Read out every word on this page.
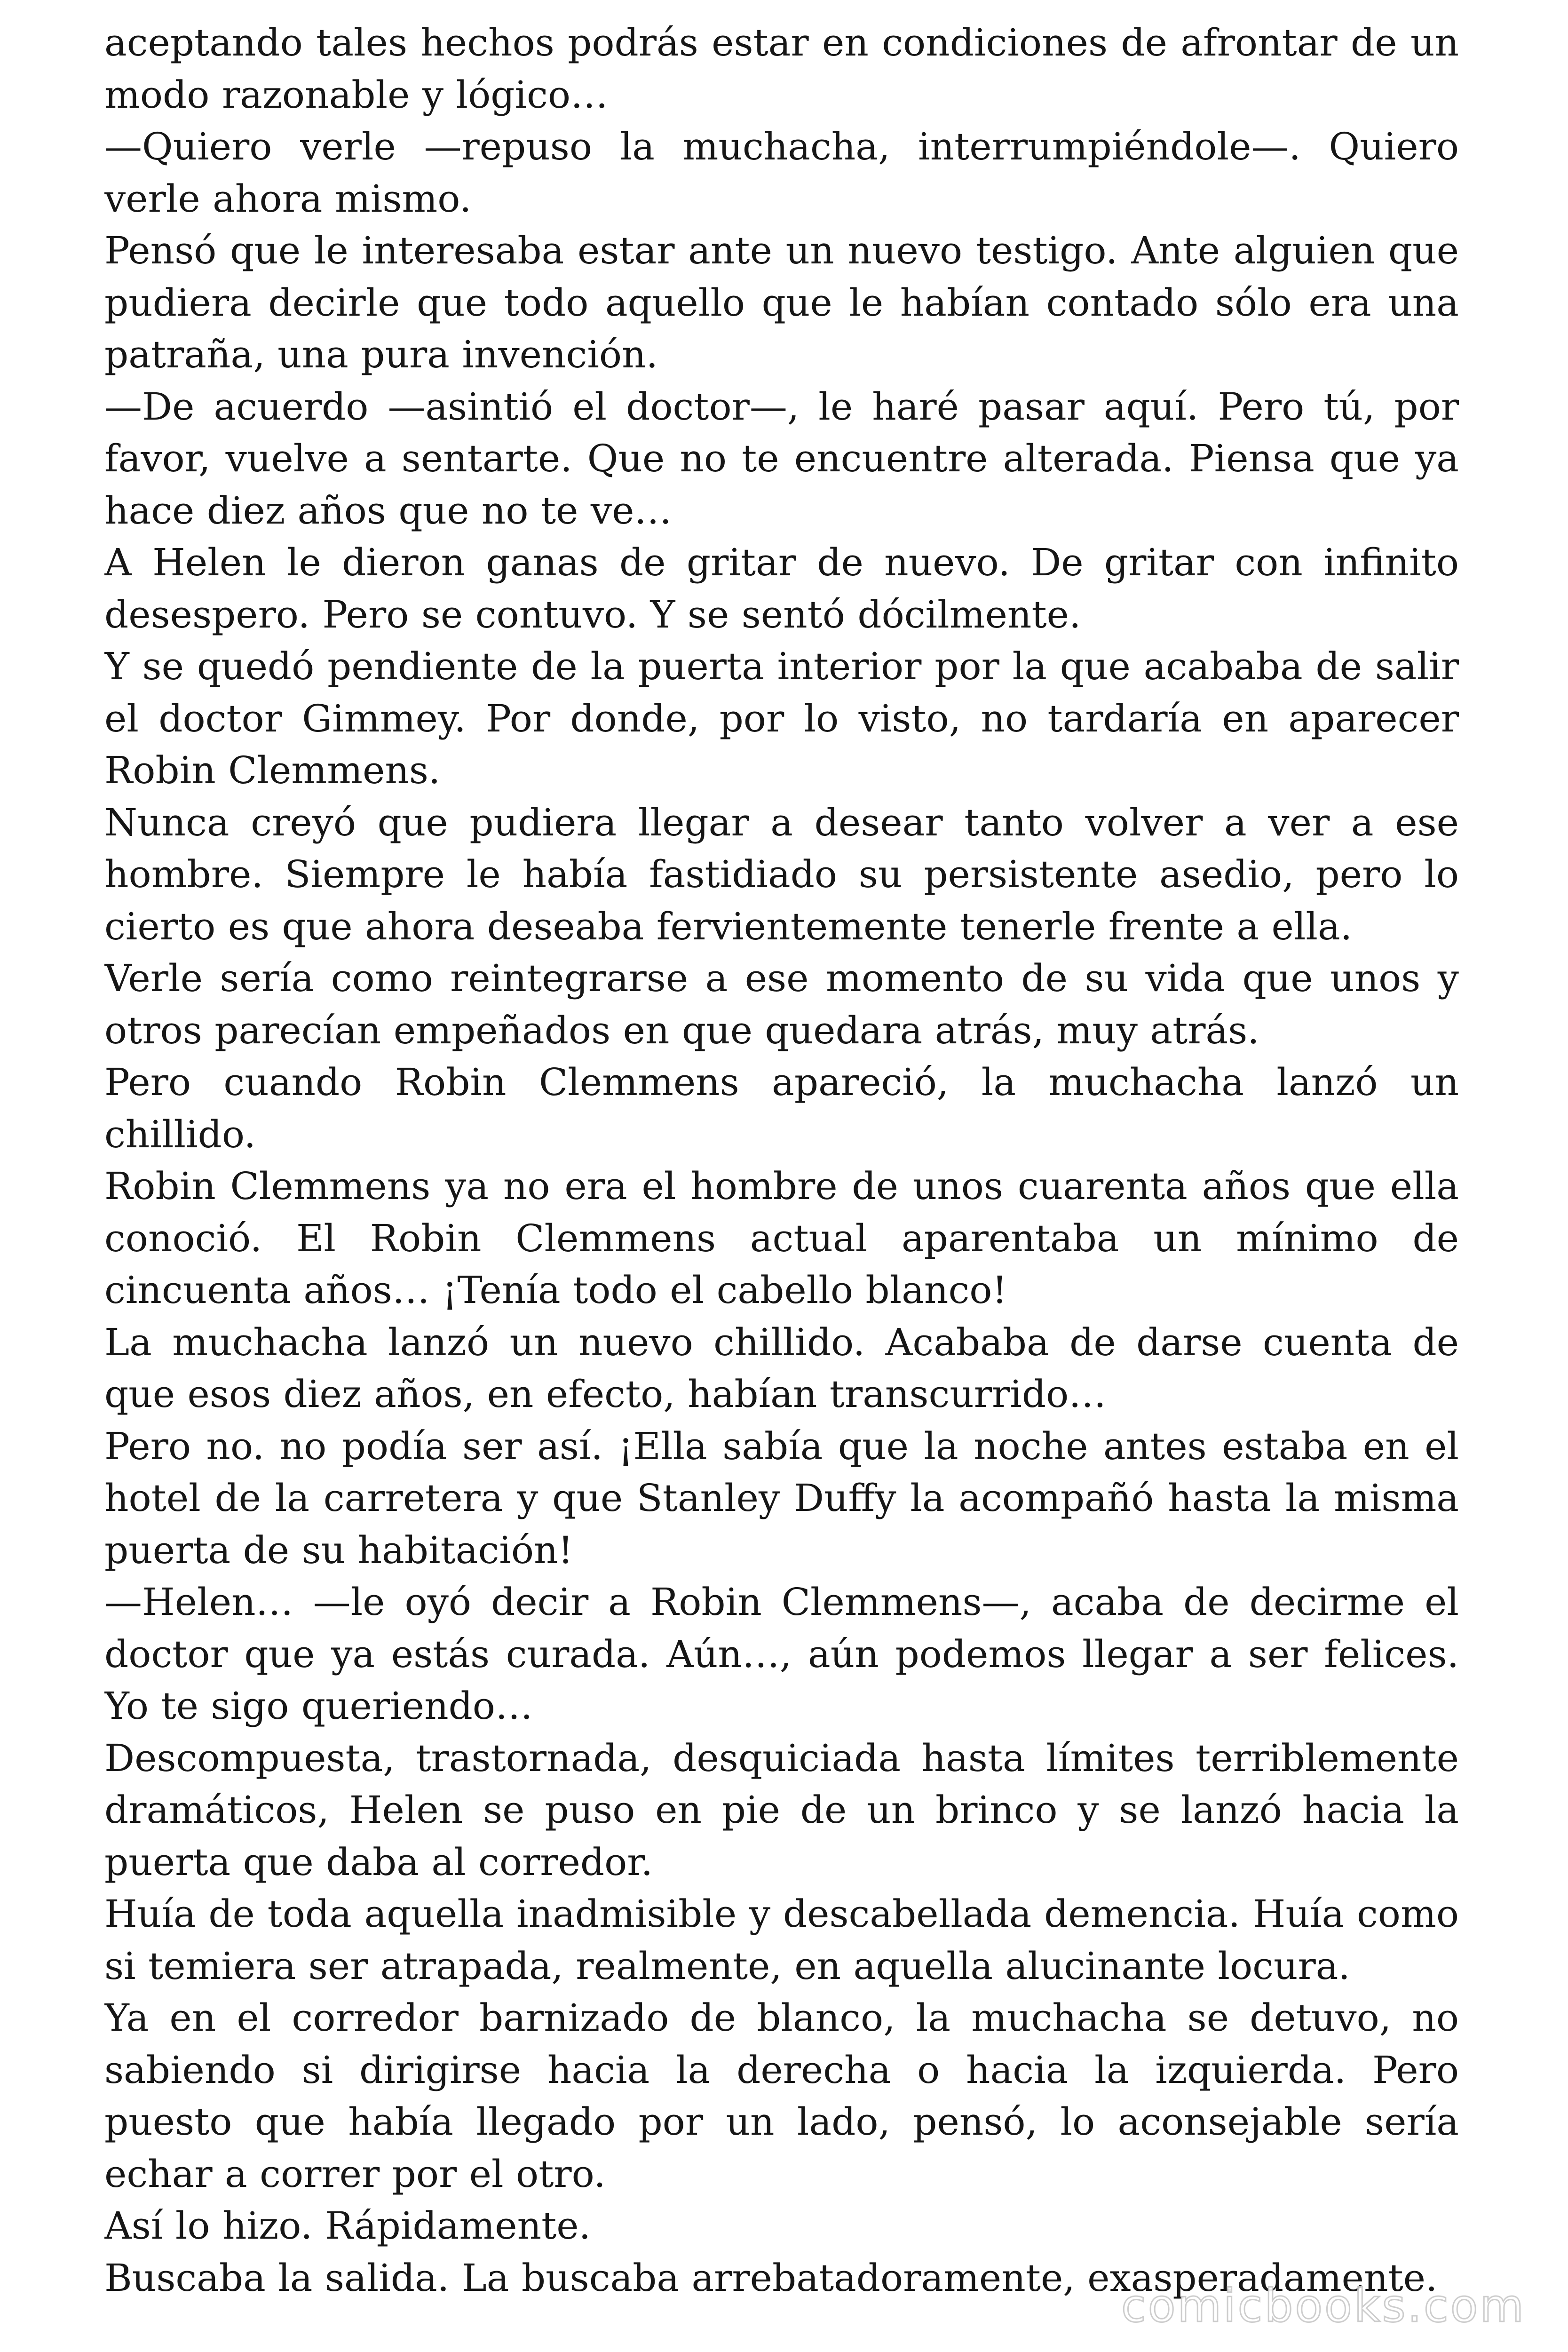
aceptando tales hechos podrás estar en condiciones de afrontar de un modo razonable y lógico…

—Quiero verle —repuso la muchacha, interrumpiéndole—. Quiero verle ahora mismo.

Pensó que le interesaba estar ante un nuevo testigo. Ante alguien que pudiera decirle que todo aquello que le habían contado sólo era una patraña, una pura invención.

—De acuerdo —asintió el doctor—, le haré pasar aquí. Pero tú, por favor, vuelve a sentarte. Que no te encuentre alterada. Piensa que ya hace diez años que no te ve…

A Helen le dieron ganas de gritar de nuevo. De gritar con infinito desespero. Pero se contuvo. Y se sentó dócilmente.

Y se quedó pendiente de la puerta interior por la que acababa de salir el doctor Gimmey. Por donde, por lo visto, no tardaría en aparecer Robin Clemmens.

Nunca creyó que pudiera llegar a desear tanto volver a ver a ese hombre. Siempre le había fastidiado su persistente asedio, pero lo cierto es que ahora deseaba fervientemente tenerle frente a ella.

Verle sería como reintegrarse a ese momento de su vida que unos y otros parecían empeñados en que quedara atrás, muy atrás.

Pero cuando Robin Clemmens apareció, la muchacha lanzó un chillido.

Robin Clemmens ya no era el hombre de unos cuarenta años que ella conoció. El Robin Clemmens actual aparentaba un mínimo de cincuenta años… ¡Tenía todo el cabello blanco!

La muchacha lanzó un nuevo chillido. Acababa de darse cuenta de que esos diez años, en efecto, habían transcurrido…

Pero no. no podía ser así. ¡Ella sabía que la noche antes estaba en el hotel de la carretera y que Stanley Duffy la acompañó hasta la misma puerta de su habitación!

—Helen… —le oyó decir a Robin Clemmens—, acaba de decirme el doctor que ya estás curada. Aún…, aún podemos llegar a ser felices. Yo te sigo queriendo…

Descompuesta, trastornada, desquiciada hasta límites terriblemente dramáticos, Helen se puso en pie de un brinco y se lanzó hacia la puerta que daba al corredor.

Huía de toda aquella inadmisible y descabellada demencia. Huía como si temiera ser atrapada, realmente, en aquella alucinante locura.

Ya en el corredor barnizado de blanco, la muchacha se detuvo, no sabiendo si dirigirse hacia la derecha o hacia la izquierda. Pero puesto que había llegado por un lado, pensó, lo aconsejable sería echar a correr por el otro.

Así lo hizo. Rápidamente.

Buscaba la salida. La buscaba arrebatadoramente, exasperadamente.

comicbooks.com
